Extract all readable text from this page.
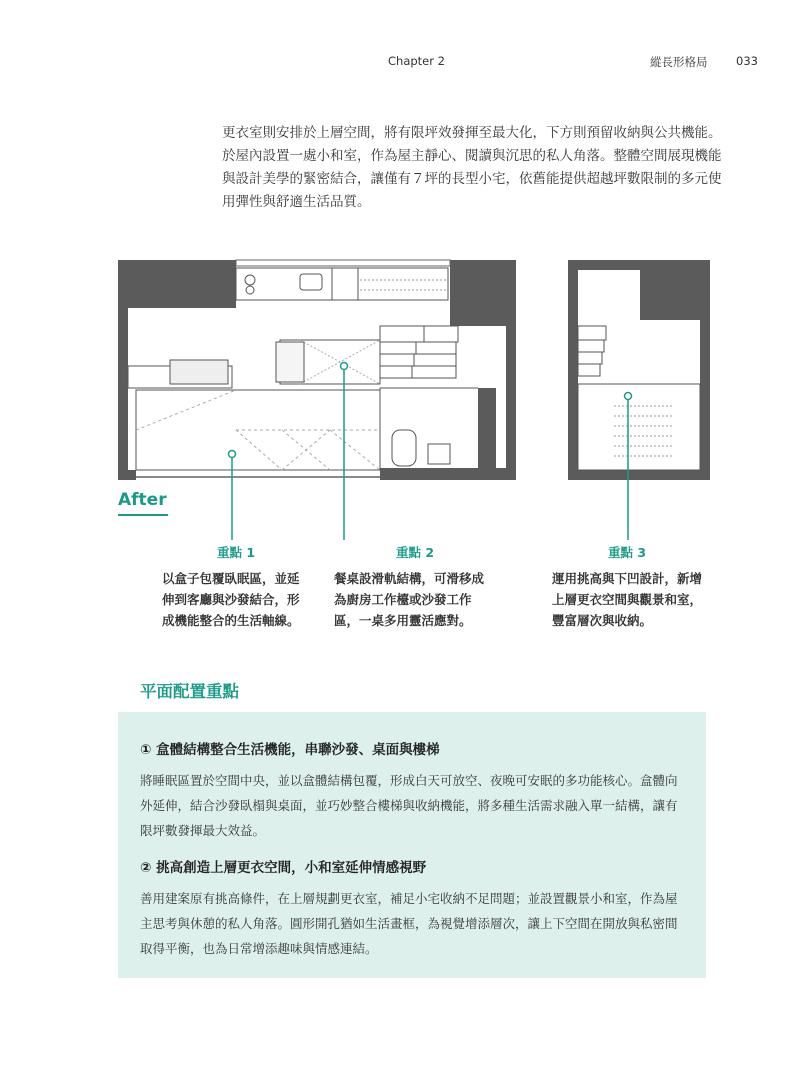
Chapter 2	縱長形格局 033
更衣室則安排於上層空間，將有限坪效發揮至最大化，下方則預留收納與公共機能。於屋內設置一處小和室，作為屋主靜心、閱讀與沉思的私人角落。整體空間展現機能與設計美學的緊密結合，讓僅有７坪的長型小宅，依舊能提供超越坪數限制的多元使用彈性與舒適生活品質。
After
重點 1
以盒子包覆臥眠區，並延伸到客廳與沙發結合，形成機能整合的生活軸線。
重點 2
餐桌設滑軌結構，可滑移成為廚房工作檯或沙發工作區，一桌多用靈活應對。
重點 3
運用挑高與下凹設計，新增上層更衣空間與觀景和室，豐富層次與收納。
平面配置重點
① 盒體結構整合生活機能，串聯沙發、桌面與樓梯
將睡眠區置於空間中央，並以盒體結構包覆，形成白天可放空、夜晚可安眠的多功能核心。盒體向外延伸，結合沙發臥榻與桌面，並巧妙整合樓梯與收納機能，將多種生活需求融入單一結構，讓有限坪數發揮最大效益。
② 挑高創造上層更衣空間，小和室延伸情感視野
善用建案原有挑高條件，在上層規劃更衣室，補足小宅收納不足問題；並設置觀景小和室，作為屋主思考與休憩的私人角落。圓形開孔猶如生活畫框，為視覺增添層次，讓上下空間在開放與私密間取得平衡，也為日常增添趣味與情感連結。
